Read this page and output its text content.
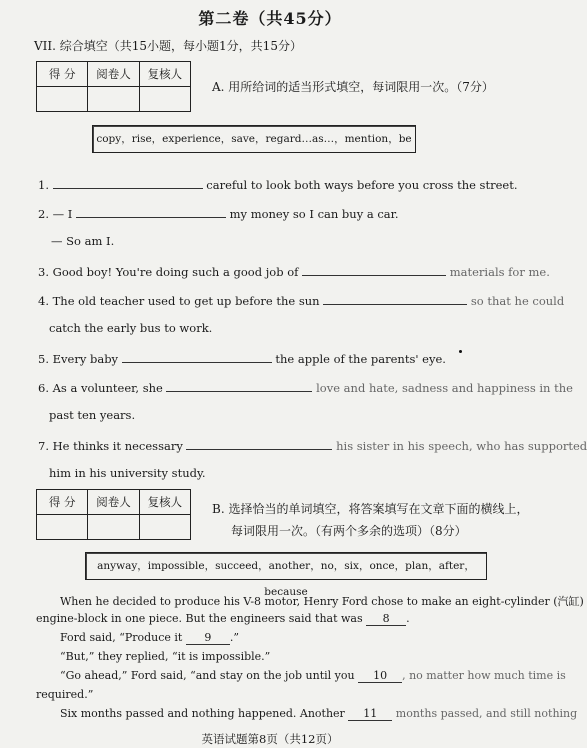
第二卷（共45分）
VII. 综合填空（共15小题，每小题1分，共15分）
得 分	阅卷人	复核人

A. 用所给词的适当形式填空，每词限用一次。（7分）
copy，rise，experience，save，regard…as…，mention，be
1.	careful to look both ways before you cross the street.
2. — I	my money so I can buy a car.
— So am I.
3. Good boy! You're doing such a good job of	materials for me.
4. The old teacher used to get up before the sun	so that he could
catch the early bus to work.
5. Every baby	the apple of the parents' eye.
6. As a volunteer, she	love and hate, sadness and happiness in the
past ten years.
7. He thinks it necessary	his sister in his speech, who has supported
him in his university study.
得 分	阅卷人	复核人
		B. 选择恰当的单词填空，将答案填写在文章下面的横线上，
每词限用一次。（有两个多余的选项）（8分）
anyway，impossible，succeed，another，no，six，once，plan，after，because
When he decided to produce his V-8 motor, Henry Ford chose to make an eight-cylinder (汽缸)
engine-block in one piece. But the engineers said that was 8 .
Ford said, “Produce it 9 .”
“But,” they replied, “it is impossible.”
“Go ahead,” Ford said, “and stay on the job until you 10 , no matter how much time is
required.”
Six months passed and nothing happened. Another 11 months passed, and still nothing
英语试题第8页（共12页）
